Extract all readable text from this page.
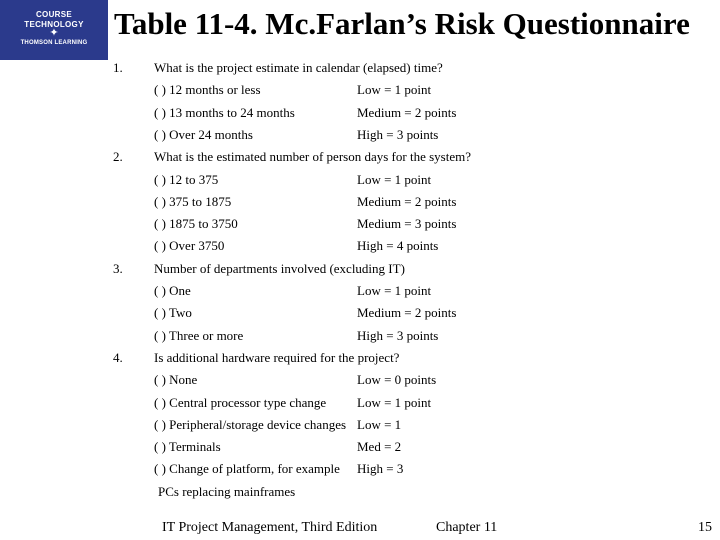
COURSE
TECHNOLOGY
✦
THOMSON LEARNING
Table 11-4. Mc.Farlan’s Risk Questionnaire
1. What is the project estimate in calendar (elapsed) time?
( ) 12 months or less	Low = 1 point
( ) 13 months to 24 months	Medium = 2 points
( ) Over 24 months	High = 3 points
2. What is the estimated number of person days for the system?
( ) 12 to 375	Low = 1 point
( ) 375 to 1875	Medium = 2 points
( ) 1875 to 3750	Medium = 3 points
( ) Over 3750	High = 4 points
3. Number of departments involved (excluding IT)
( ) One	Low = 1 point
( ) Two	Medium = 2 points
( ) Three or more	High = 3 points
4. Is additional hardware required for the project?
( ) None	Low = 0 points
( ) Central processor type change Low = 1 point
( ) Peripheral/storage device changes Low = 1
( ) Terminals	Med = 2
( ) Change of platform, for example High = 3
PCs replacing mainframes
IT Project Management, Third Edition	Chapter 11	15
